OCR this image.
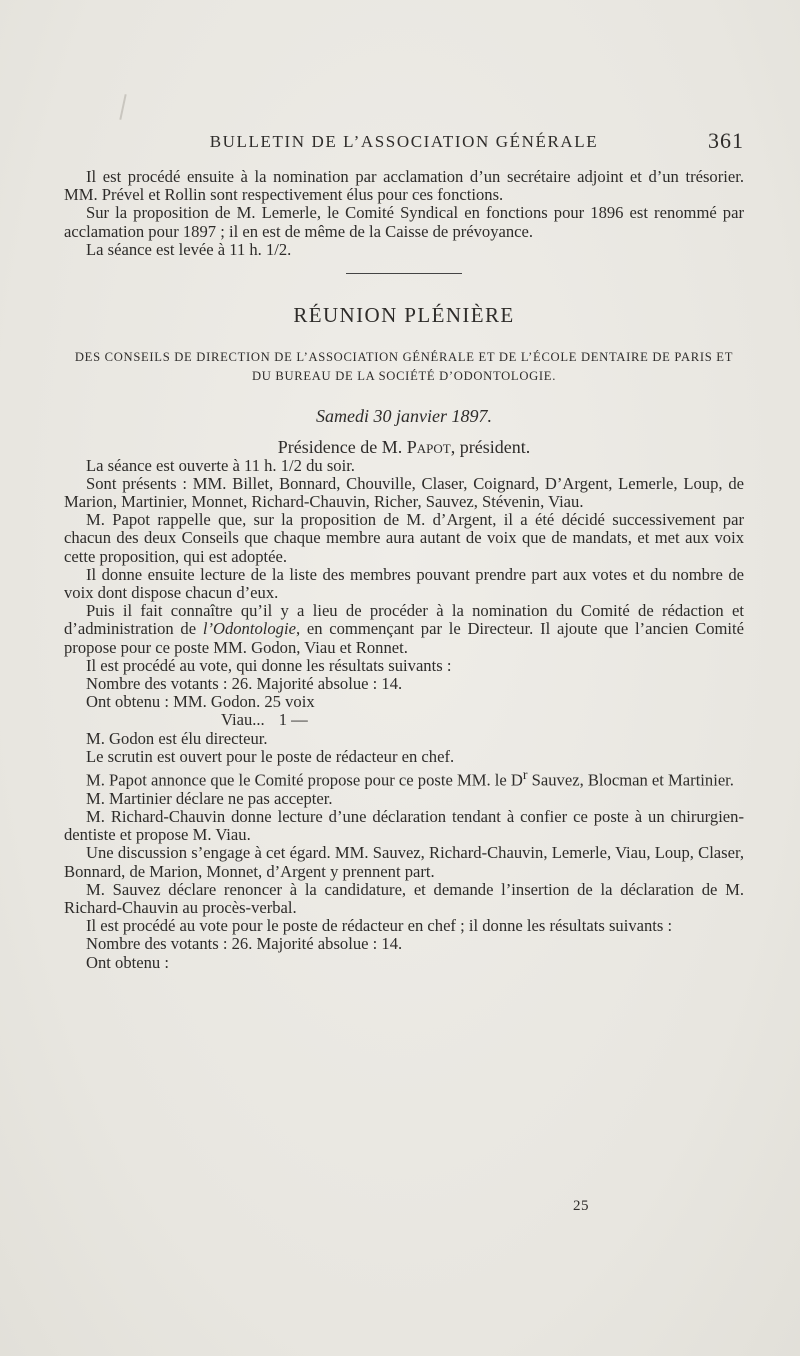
BULLETIN DE L’ASSOCIATION GÉNÉRALE	361

Il est procédé ensuite à la nomination par acclamation d’un secrétaire adjoint et d’un trésorier. MM. Prével et Rollin sont respectivement élus pour ces fonctions.

Sur la proposition de M. Lemerle, le Comité Syndical en fonctions pour 1896 est renommé par acclamation pour 1897 ; il en est de même de la Caisse de prévoyance.

La séance est levée à 11 h. 1/2.

RÉUNION PLÉNIÈRE
DES CONSEILS DE DIRECTION DE L’ASSOCIATION GÉNÉRALE ET DE L’ÉCOLE DENTAIRE DE PARIS ET DU BUREAU DE LA SOCIÉTÉ D’ODONTOLOGIE.
Samedi 30 janvier 1897.
Présidence de M. Papot, président.

La séance est ouverte à 11 h. 1/2 du soir.

Sont présents : MM. Billet, Bonnard, Chouville, Claser, Coignard, D’Argent, Lemerle, Loup, de Marion, Martinier, Monnet, Richard-Chauvin, Richer, Sauvez, Stévenin, Viau.

M. Papot rappelle que, sur la proposition de M. d’Argent, il a été décidé successivement par chacun des deux Conseils que chaque membre aura autant de voix que de mandats, et met aux voix cette proposition, qui est adoptée.

Il donne ensuite lecture de la liste des membres pouvant prendre part aux votes et du nombre de voix dont dispose chacun d’eux.

Puis il fait connaître qu’il y a lieu de procéder à la nomination du Comité de rédaction et d’administration de l’Odontologie, en commençant par le Directeur. Il ajoute que l’ancien Comité propose pour ce poste MM. Godon, Viau et Ronnet.

Il est procédé au vote, qui donne les résultats suivants :

Nombre des votants : 26. Majorité absolue : 14.

Ont obtenu : MM. Godon. 25 voix

Viau... 1 —

M. Godon est élu directeur.

Le scrutin est ouvert pour le poste de rédacteur en chef.

M. Papot annonce que le Comité propose pour ce poste MM. le $D^r$ Sauvez, Blocman et Martinier.

M. Martinier déclare ne pas accepter.

M. Richard-Chauvin donne lecture d’une déclaration tendant à confier ce poste à un chirurgien-dentiste et propose M. Viau.

Une discussion s’engage à cet égard. MM. Sauvez, Richard-Chauvin, Lemerle, Viau, Loup, Claser, Bonnard, de Marion, Monnet, d’Argent y prennent part.

M. Sauvez déclare renoncer à la candidature, et demande l’insertion de la déclaration de M. Richard-Chauvin au procès-verbal.

Il est procédé au vote pour le poste de rédacteur en chef ; il donne les résultats suivants :

Nombre des votants : 26. Majorité absolue : 14.

Ont obtenu :

25
